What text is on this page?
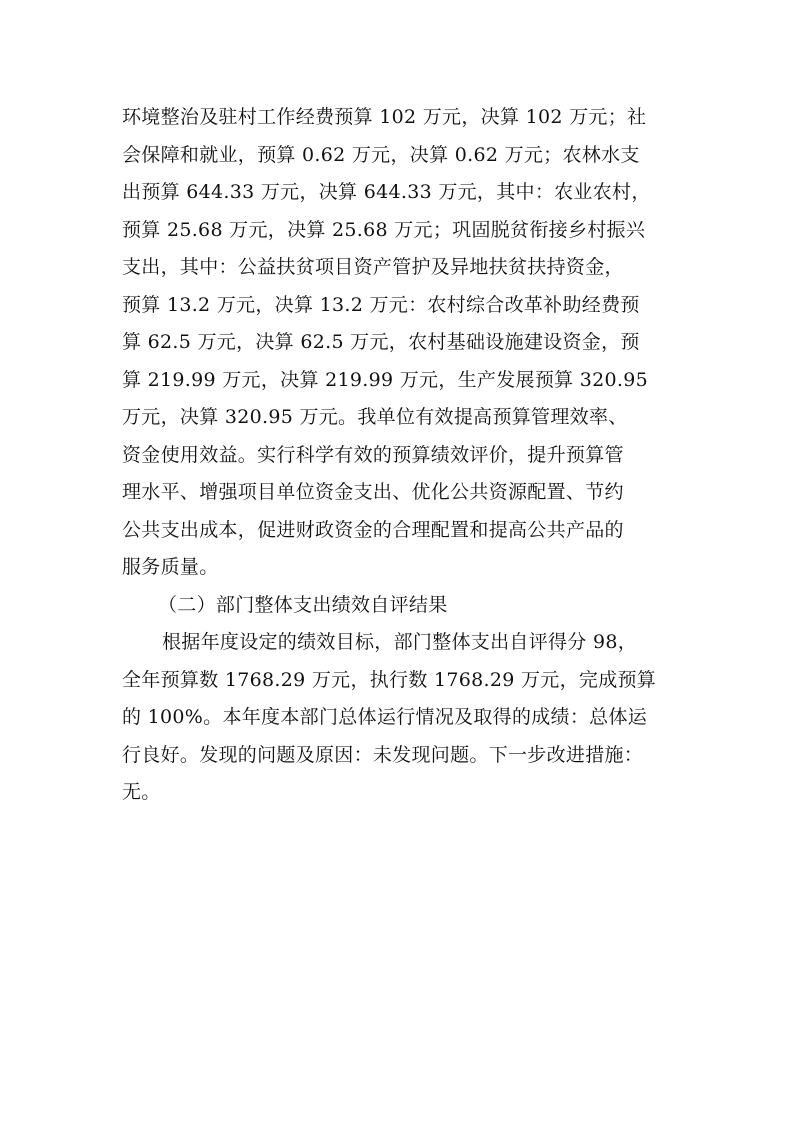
环境整治及驻村工作经费预算 102 万元，决算 102 万元；社
会保障和就业，预算 0.62 万元，决算 0.62 万元；农林水支
出预算 644.33 万元，决算 644.33 万元，其中：农业农村，
预算 25.68 万元，决算 25.68 万元；巩固脱贫衔接乡村振兴
支出，其中：公益扶贫项目资产管护及异地扶贫扶持资金，
预算 13.2 万元，决算 13.2 万元：农村综合改革补助经费预
算 62.5 万元，决算 62.5 万元，农村基础设施建设资金，预
算 219.99 万元，决算 219.99 万元，生产发展预算 320.95
万元，决算 320.95 万元。我单位有效提高预算管理效率、
资金使用效益。实行科学有效的预算绩效评价，提升预算管
理水平、增强项目单位资金支出、优化公共资源配置、节约
公共支出成本，促进财政资金的合理配置和提高公共产品的
服务质量。
（二）部门整体支出绩效自评结果
根据年度设定的绩效目标，部门整体支出自评得分 98，
全年预算数 1768.29 万元，执行数 1768.29 万元，完成预算
的 100%。本年度本部门总体运行情况及取得的成绩：总体运
行良好。发现的问题及原因：未发现问题。下一步改进措施：
无。
